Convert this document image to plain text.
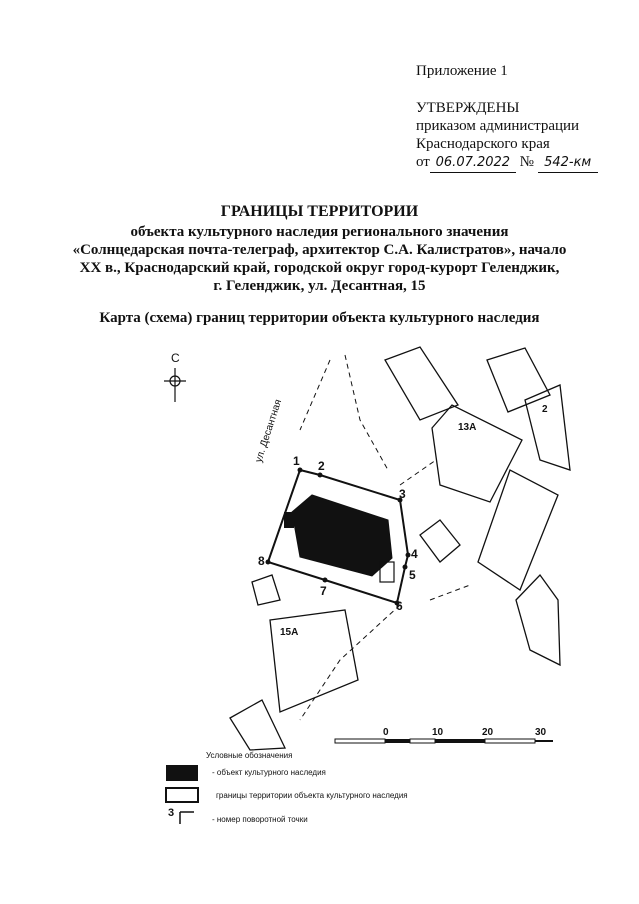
Приложение 1
УТВЕРЖДЕНЫ
приказом администрации
Краснодарского края
от 06.07.2022 № 542-км
ГРАНИЦЫ ТЕРРИТОРИИ
объекта культурного наследия регионального значения
«Солнцедарская почта-телеграф, архитектор С.А. Калистратов», начало
XX в., Краснодарский край, городской округ город-курорт Геленджик,
г. Геленджик, ул. Десантная, 15
Карта (схема) границ территории объекта культурного наследия
1 2
3
4
5
6
7
8
13А
15А
2
ул. Десантная
С
0	10	20	30
Условные обозначения
- объект культурного наследия
границы территории объекта культурного наследия
3
- номер поворотной точки
